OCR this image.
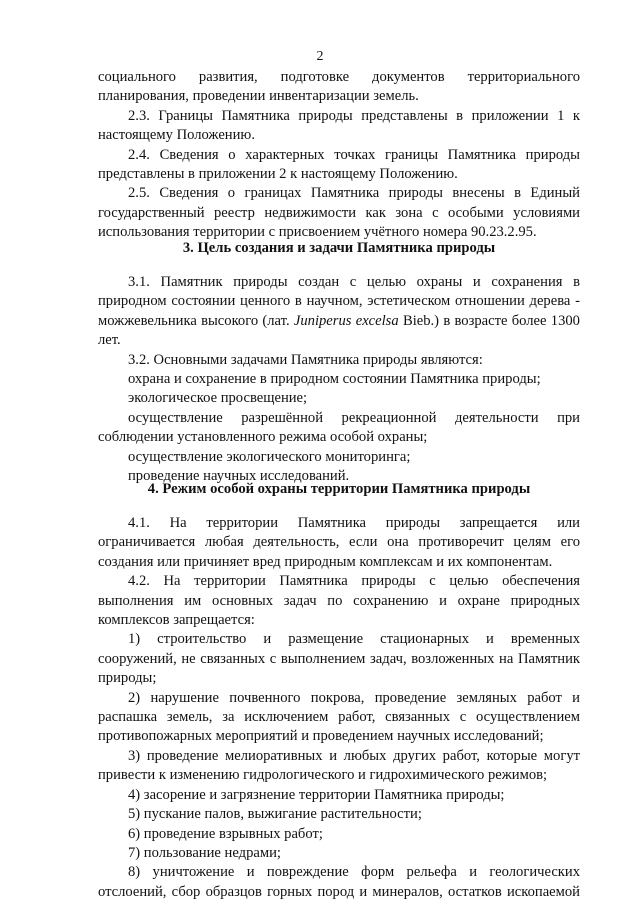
2

социального развития, подготовке документов территориального планирования, проведении инвентаризации земель.

2.3. Границы Памятника природы представлены в приложении 1 к настоящему Положению.

2.4. Сведения о характерных точках границы Памятника природы представлены в приложении 2 к настоящему Положению.

2.5. Сведения о границах Памятника природы внесены в Единый государственный реестр недвижимости как зона с особыми условиями использования территории с присвоением учётного номера 90.23.2.95.

3. Цель создания и задачи Памятника природы

3.1. Памятник природы создан с целью охраны и сохранения в природном состоянии ценного в научном, эстетическом отношении дерева - можжевельника высокого (лат. Juniperus excelsa Bieb.) в возрасте более 1300 лет.

3.2. Основными задачами Памятника природы являются:

охрана и сохранение в природном состоянии Памятника природы;

экологическое просвещение;

осуществление разрешённой рекреационной деятельности при соблюдении установленного режима особой охраны;

осуществление экологического мониторинга;

проведение научных исследований.

4. Режим особой охраны территории Памятника природы

4.1. На территории Памятника природы запрещается или ограничивается любая деятельность, если она противоречит целям его создания или причиняет вред природным комплексам и их компонентам.

4.2. На территории Памятника природы с целью обеспечения выполнения им основных задач по сохранению и охране природных комплексов запрещается:

1) строительство и размещение стационарных и временных сооружений, не связанных с выполнением задач, возложенных на Памятник природы;

2) нарушение почвенного покрова, проведение земляных работ и распашка земель, за исключением работ, связанных с осуществлением противопожарных мероприятий и проведением научных исследований;

3) проведение мелиоративных и любых других работ, которые могут привести к изменению гидрологического и гидрохимического режимов;

4) засорение и загрязнение территории Памятника природы;

5) пускание палов, выжигание растительности;

6) проведение взрывных работ;

7) пользование недрами;

8) уничтожение и повреждение форм рельефа и геологических отслоений, сбор образцов горных пород и минералов, остатков ископаемой
